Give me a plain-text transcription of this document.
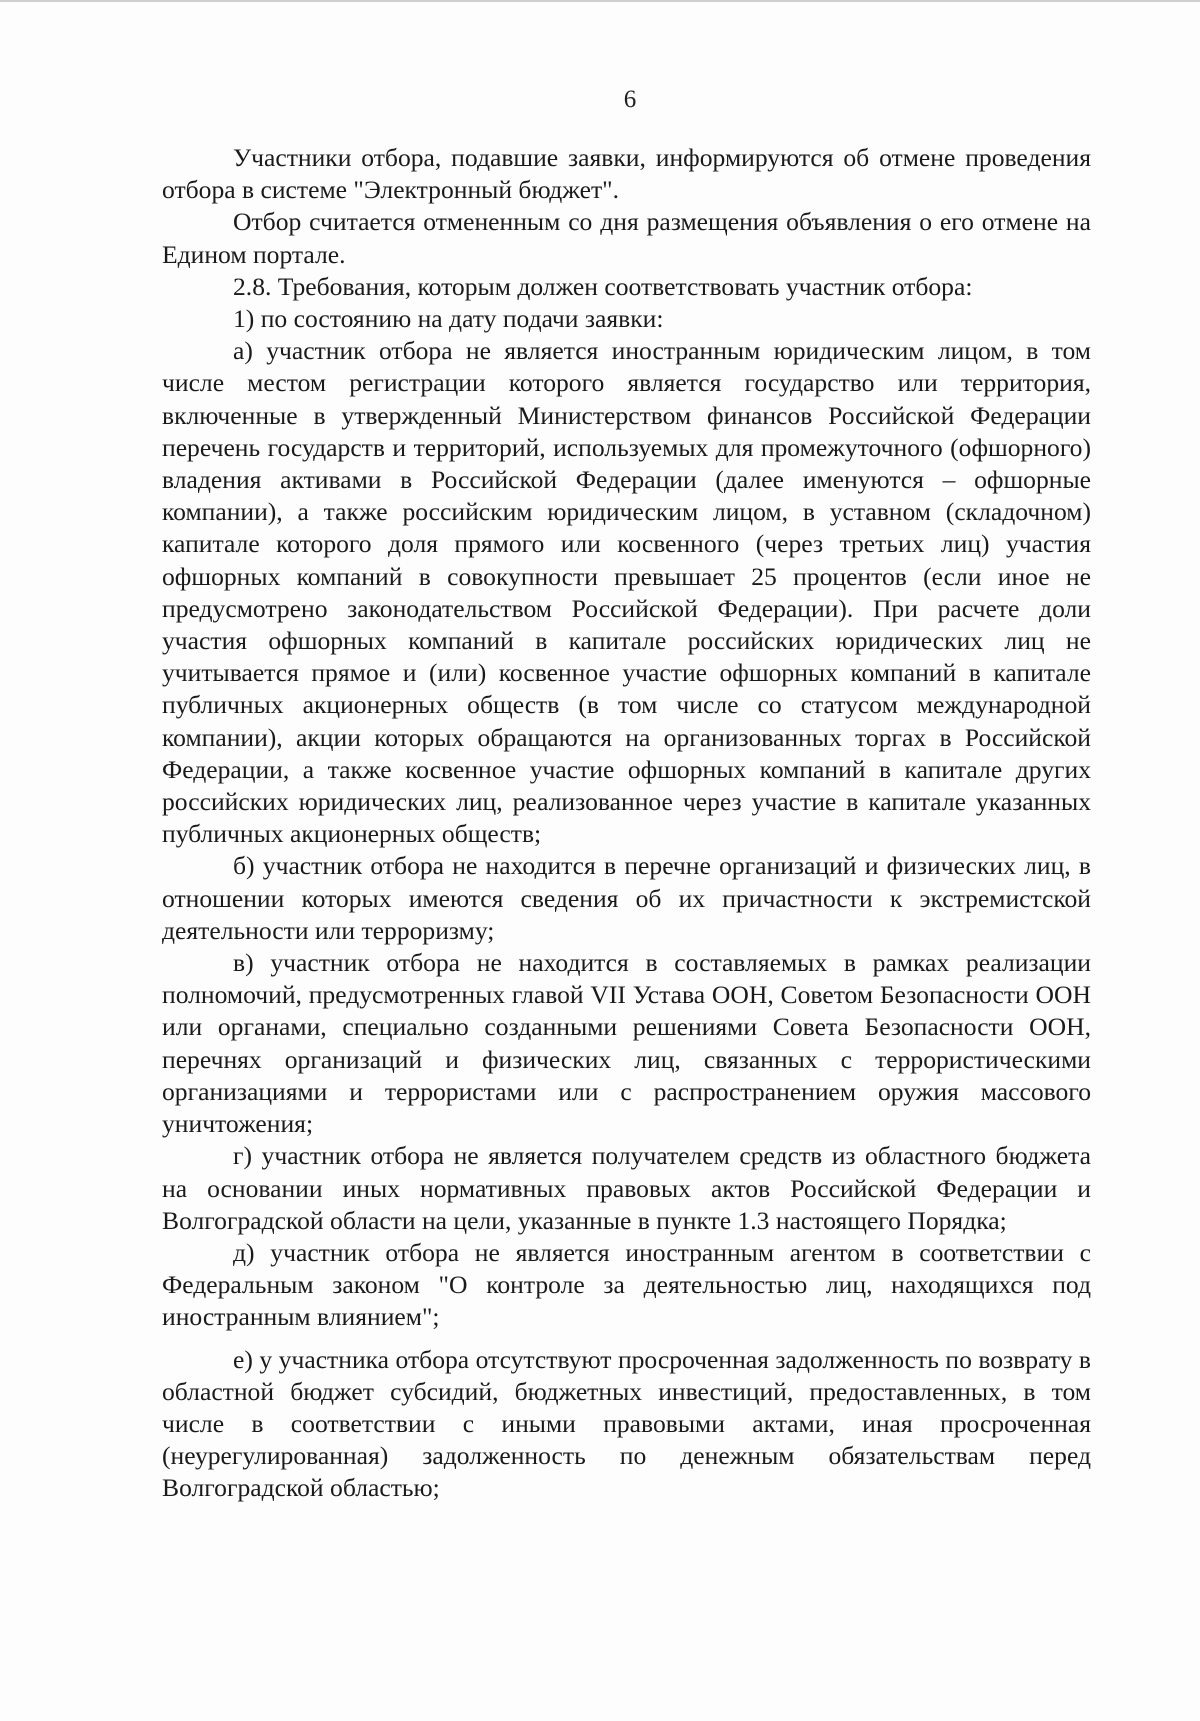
6

Участники отбора, подавшие заявки, информируются об отмене проведения отбора в системе "Электронный бюджет".

Отбор считается отмененным со дня размещения объявления о его отмене на Едином портале.

2.8. Требования, которым должен соответствовать участник отбора:

1) по состоянию на дату подачи заявки:

а) участник отбора не является иностранным юридическим лицом, в том числе местом регистрации которого является государство или территория, включенные в утвержденный Министерством финансов Российской Федерации перечень государств и территорий, используемых для промежуточного (офшорного) владения активами в Российской Федерации (далее именуются – офшорные компании), а также российским юридическим лицом, в уставном (складочном) капитале которого доля прямого или косвенного (через третьих лиц) участия офшорных компаний в совокупности превышает 25 процентов (если иное не предусмотрено законодательством Российской Федерации). При расчете доли участия офшорных компаний в капитале российских юридических лиц не учитывается прямое и (или) косвенное участие офшорных компаний в капитале публичных акционерных обществ (в том числе со статусом международной компании), акции которых обращаются на организованных торгах в Российской Федерации, а также косвенное участие офшорных компаний в капитале других российских юридических лиц, реализованное через участие в капитале указанных публичных акционерных обществ;

б) участник отбора не находится в перечне организаций и физических лиц, в отношении которых имеются сведения об их причастности к экстремистской деятельности или терроризму;

в) участник отбора не находится в составляемых в рамках реализации полномочий, предусмотренных главой VII Устава ООН, Советом Безопасности ООН или органами, специально созданными решениями Совета Безопасности ООН, перечнях организаций и физических лиц, связанных с террористическими организациями и террористами или с распространением оружия массового уничтожения;

г) участник отбора не является получателем средств из областного бюджета на основании иных нормативных правовых актов Российской Федерации и Волгоградской области на цели, указанные в пункте 1.3 настоящего Порядка;

д) участник отбора не является иностранным агентом в соответствии с Федеральным законом "О контроле за деятельностью лиц, находящихся под иностранным влиянием";

е) у участника отбора отсутствуют просроченная задолженность по возврату в областной бюджет субсидий, бюджетных инвестиций, предоставленных, в том числе в соответствии с иными правовыми актами, иная просроченная (неурегулированная) задолженность по денежным обязательствам перед Волгоградской областью;
